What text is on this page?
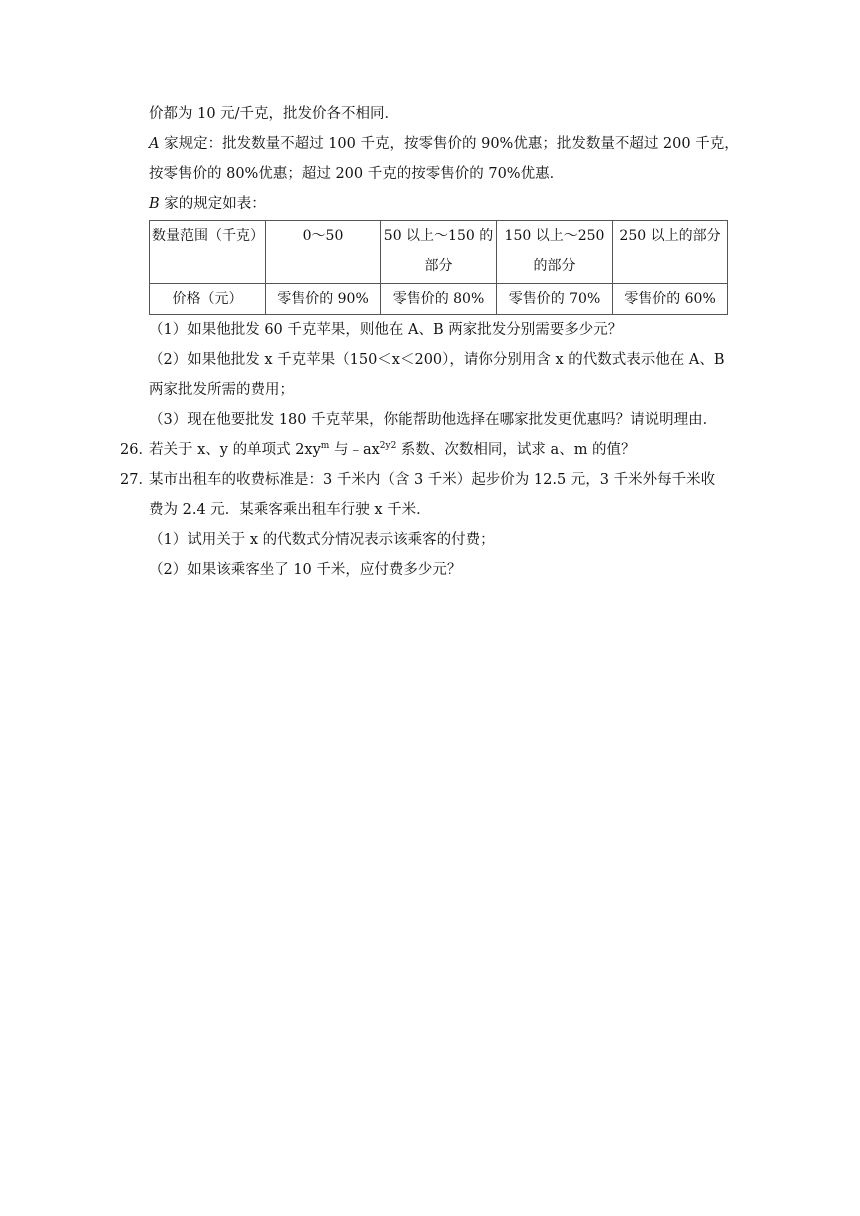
价都为 10 元/千克，批发价各不相同．
A 家规定：批发数量不超过 100 千克，按零售价的 90%优惠；批发数量不超过 200 千克，
按零售价的 80%优惠；超过 200 千克的按零售价的 70%优惠．
B 家的规定如表：
数量范围（千克）	0～50	50 以上～150 的部分	150 以上～250 的部分	250 以上的部分
价格（元）	零售价的 90%	零售价的 80%	零售价的 70%	零售价的 60%
（1）如果他批发 60 千克苹果，则他在 A、B 两家批发分别需要多少元？
（2）如果他批发 x 千克苹果（150＜x＜200），请你分别用含 x 的代数式表示他在 A、B
两家批发所需的费用；
（3）现在他要批发 180 千克苹果，你能帮助他选择在哪家批发更优惠吗？请说明理由．
26．
若关于 x、y 的单项式 $2xy^m$ 与$﹣ax^{2y2}$ 系数、次数相同，试求 a、m 的值？
27．
某市出租车的收费标准是：3 千米内（含 3 千米）起步价为 12.5 元，3 千米外每千米收
费为 2.4 元．某乘客乘出租车行驶 x 千米．
（1）试用关于 x 的代数式分情况表示该乘客的付费；
（2）如果该乘客坐了 10 千米，应付费多少元？
